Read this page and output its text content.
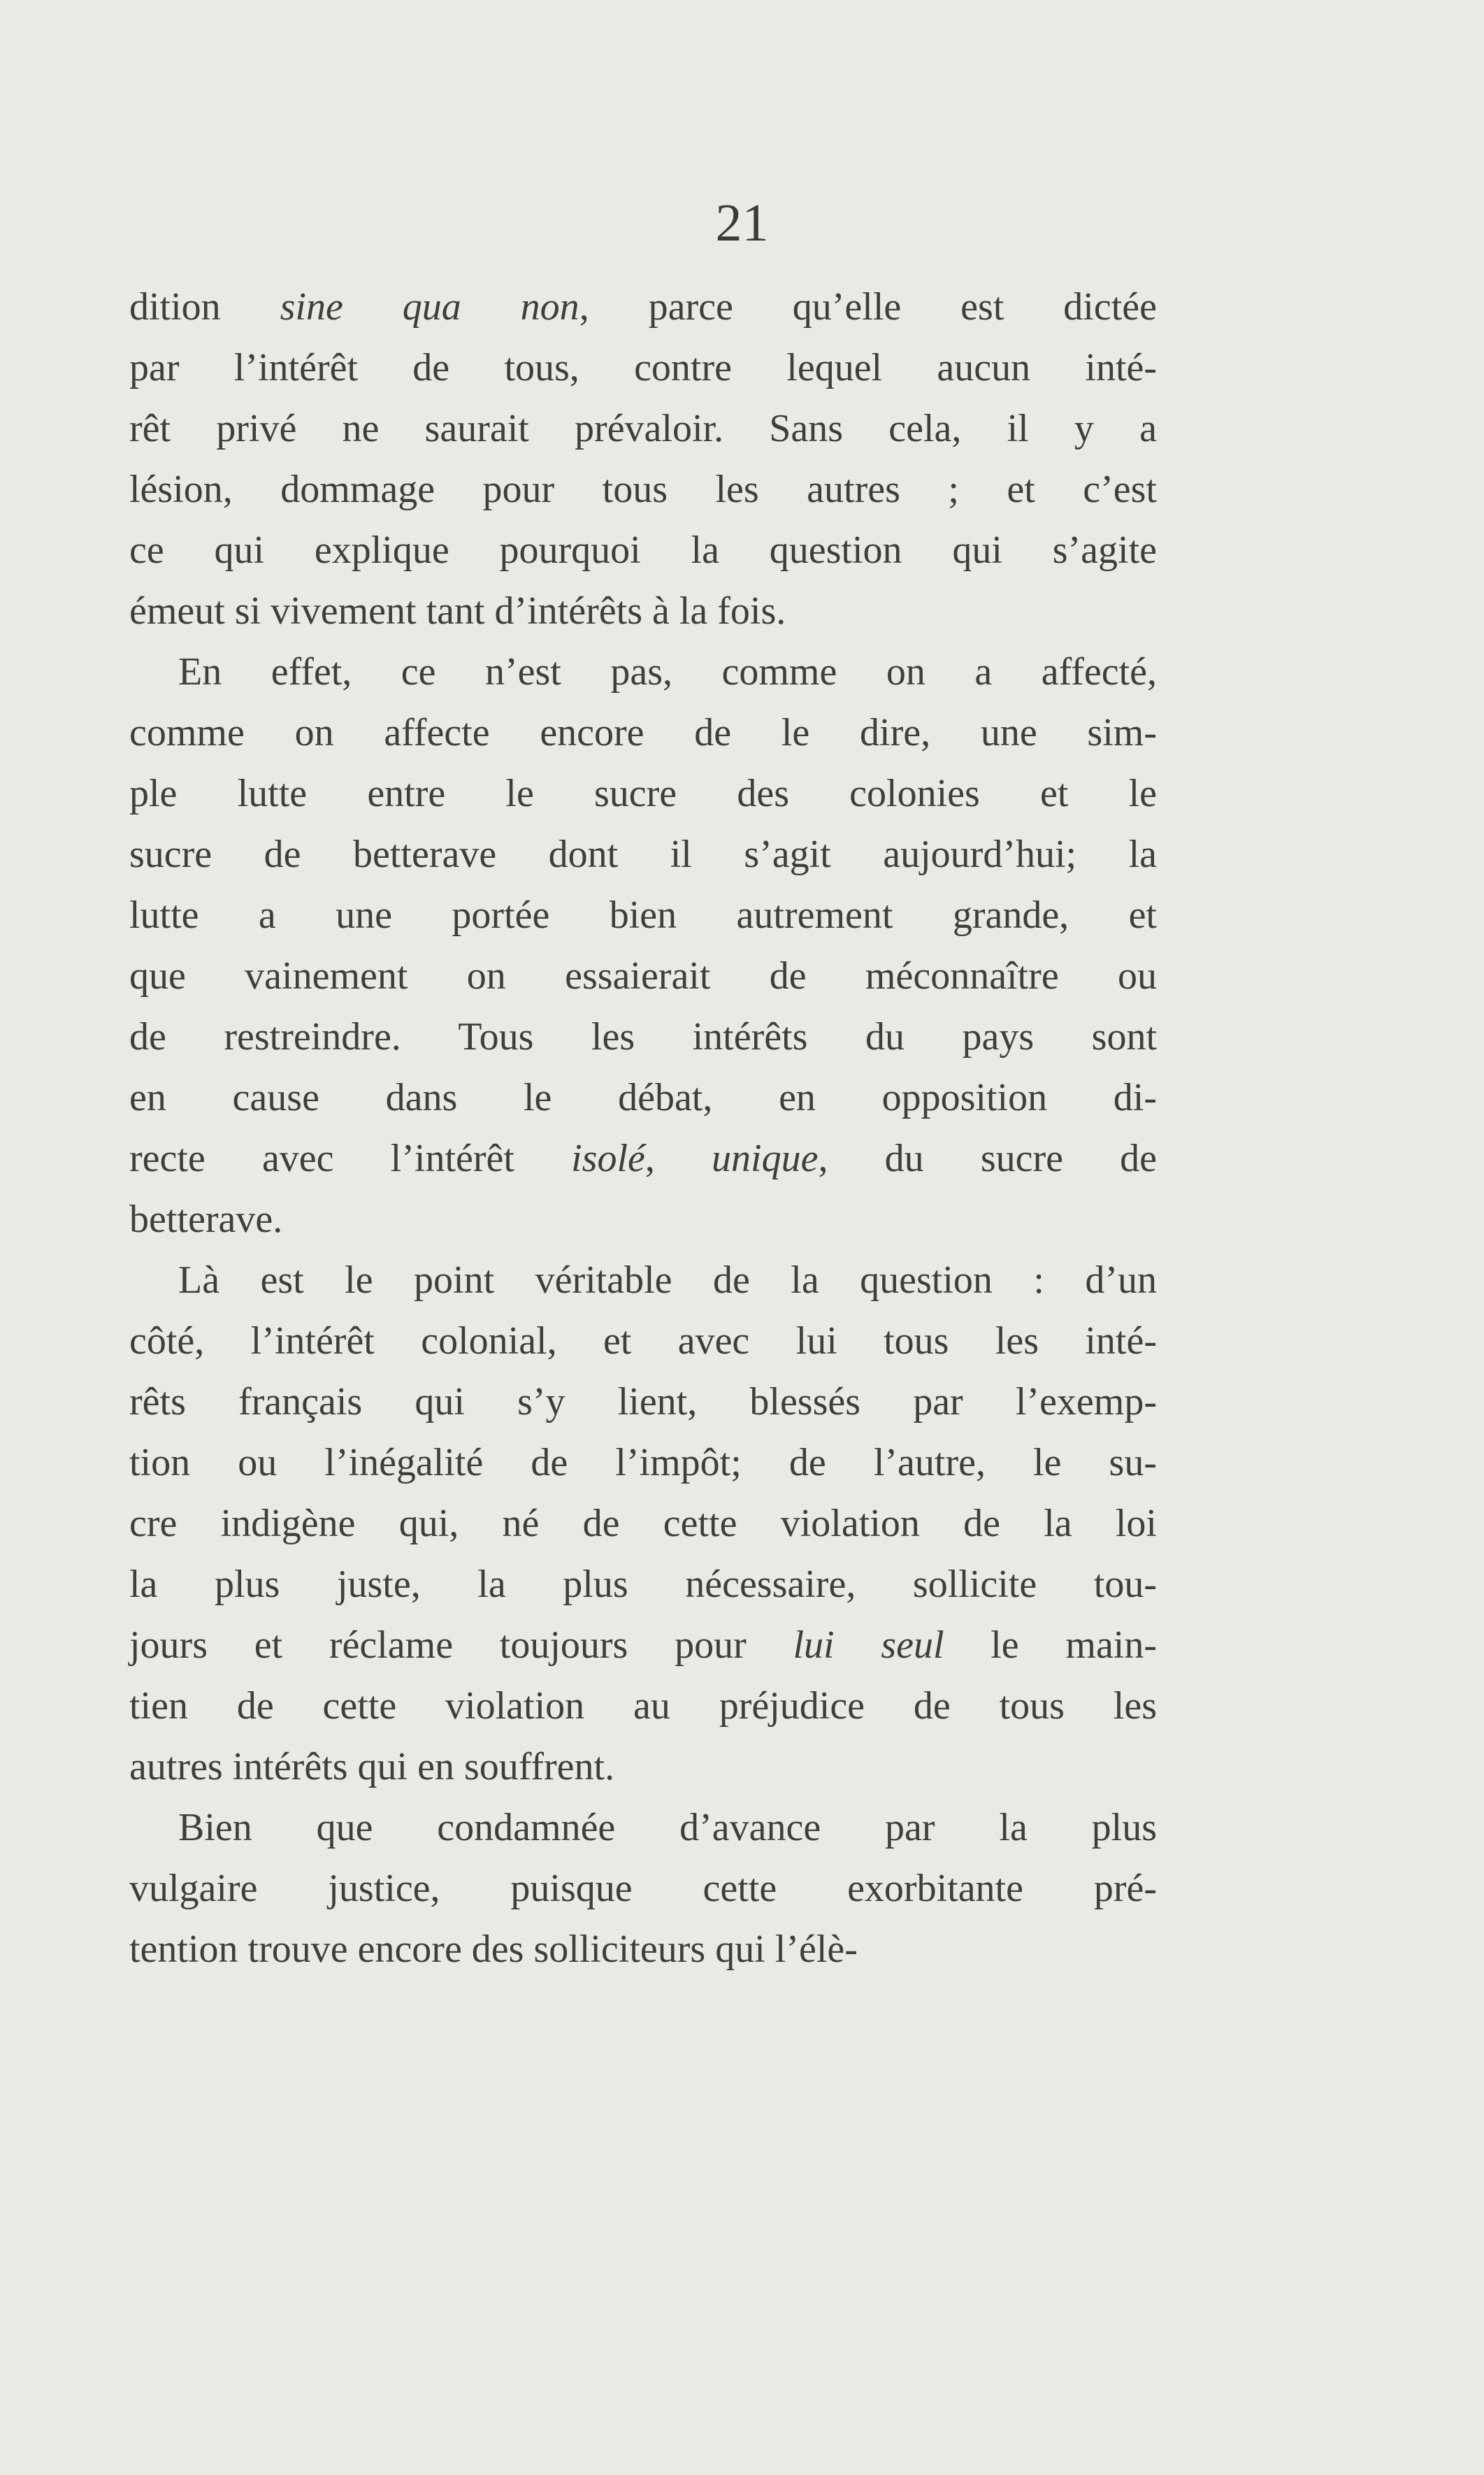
21
dition sine qua non, parce qu’elle est dictée
par l’intérêt de tous, contre lequel aucun inté-
rêt privé ne saurait prévaloir. Sans cela, il y a
lésion, dommage pour tous les autres ; et c’est
ce qui explique pourquoi la question qui s’agite
émeut si vivement tant d’intérêts à la fois.
En effet, ce n’est pas, comme on a affecté,
comme on affecte encore de le dire, une sim-
ple lutte entre le sucre des colonies et le
sucre de betterave dont il s’agit aujourd’hui; la
lutte a une portée bien autrement grande, et
que vainement on essaierait de méconnaître ou
de restreindre. Tous les intérêts du pays sont
en cause dans le débat, en opposition di-
recte avec l’intérêt isolé, unique, du sucre de
betterave.
Là est le point véritable de la question : d’un
côté, l’intérêt colonial, et avec lui tous les inté-
rêts français qui s’y lient, blessés par l’exemp-
tion ou l’inégalité de l’impôt; de l’autre, le su-
cre indigène qui, né de cette violation de la loi
la plus juste, la plus nécessaire, sollicite tou-
jours et réclame toujours pour lui seul le main-
tien de cette violation au préjudice de tous les
autres intérêts qui en souffrent.
Bien que condamnée d’avance par la plus
vulgaire justice, puisque cette exorbitante pré-
tention trouve encore des solliciteurs qui l’élè-
